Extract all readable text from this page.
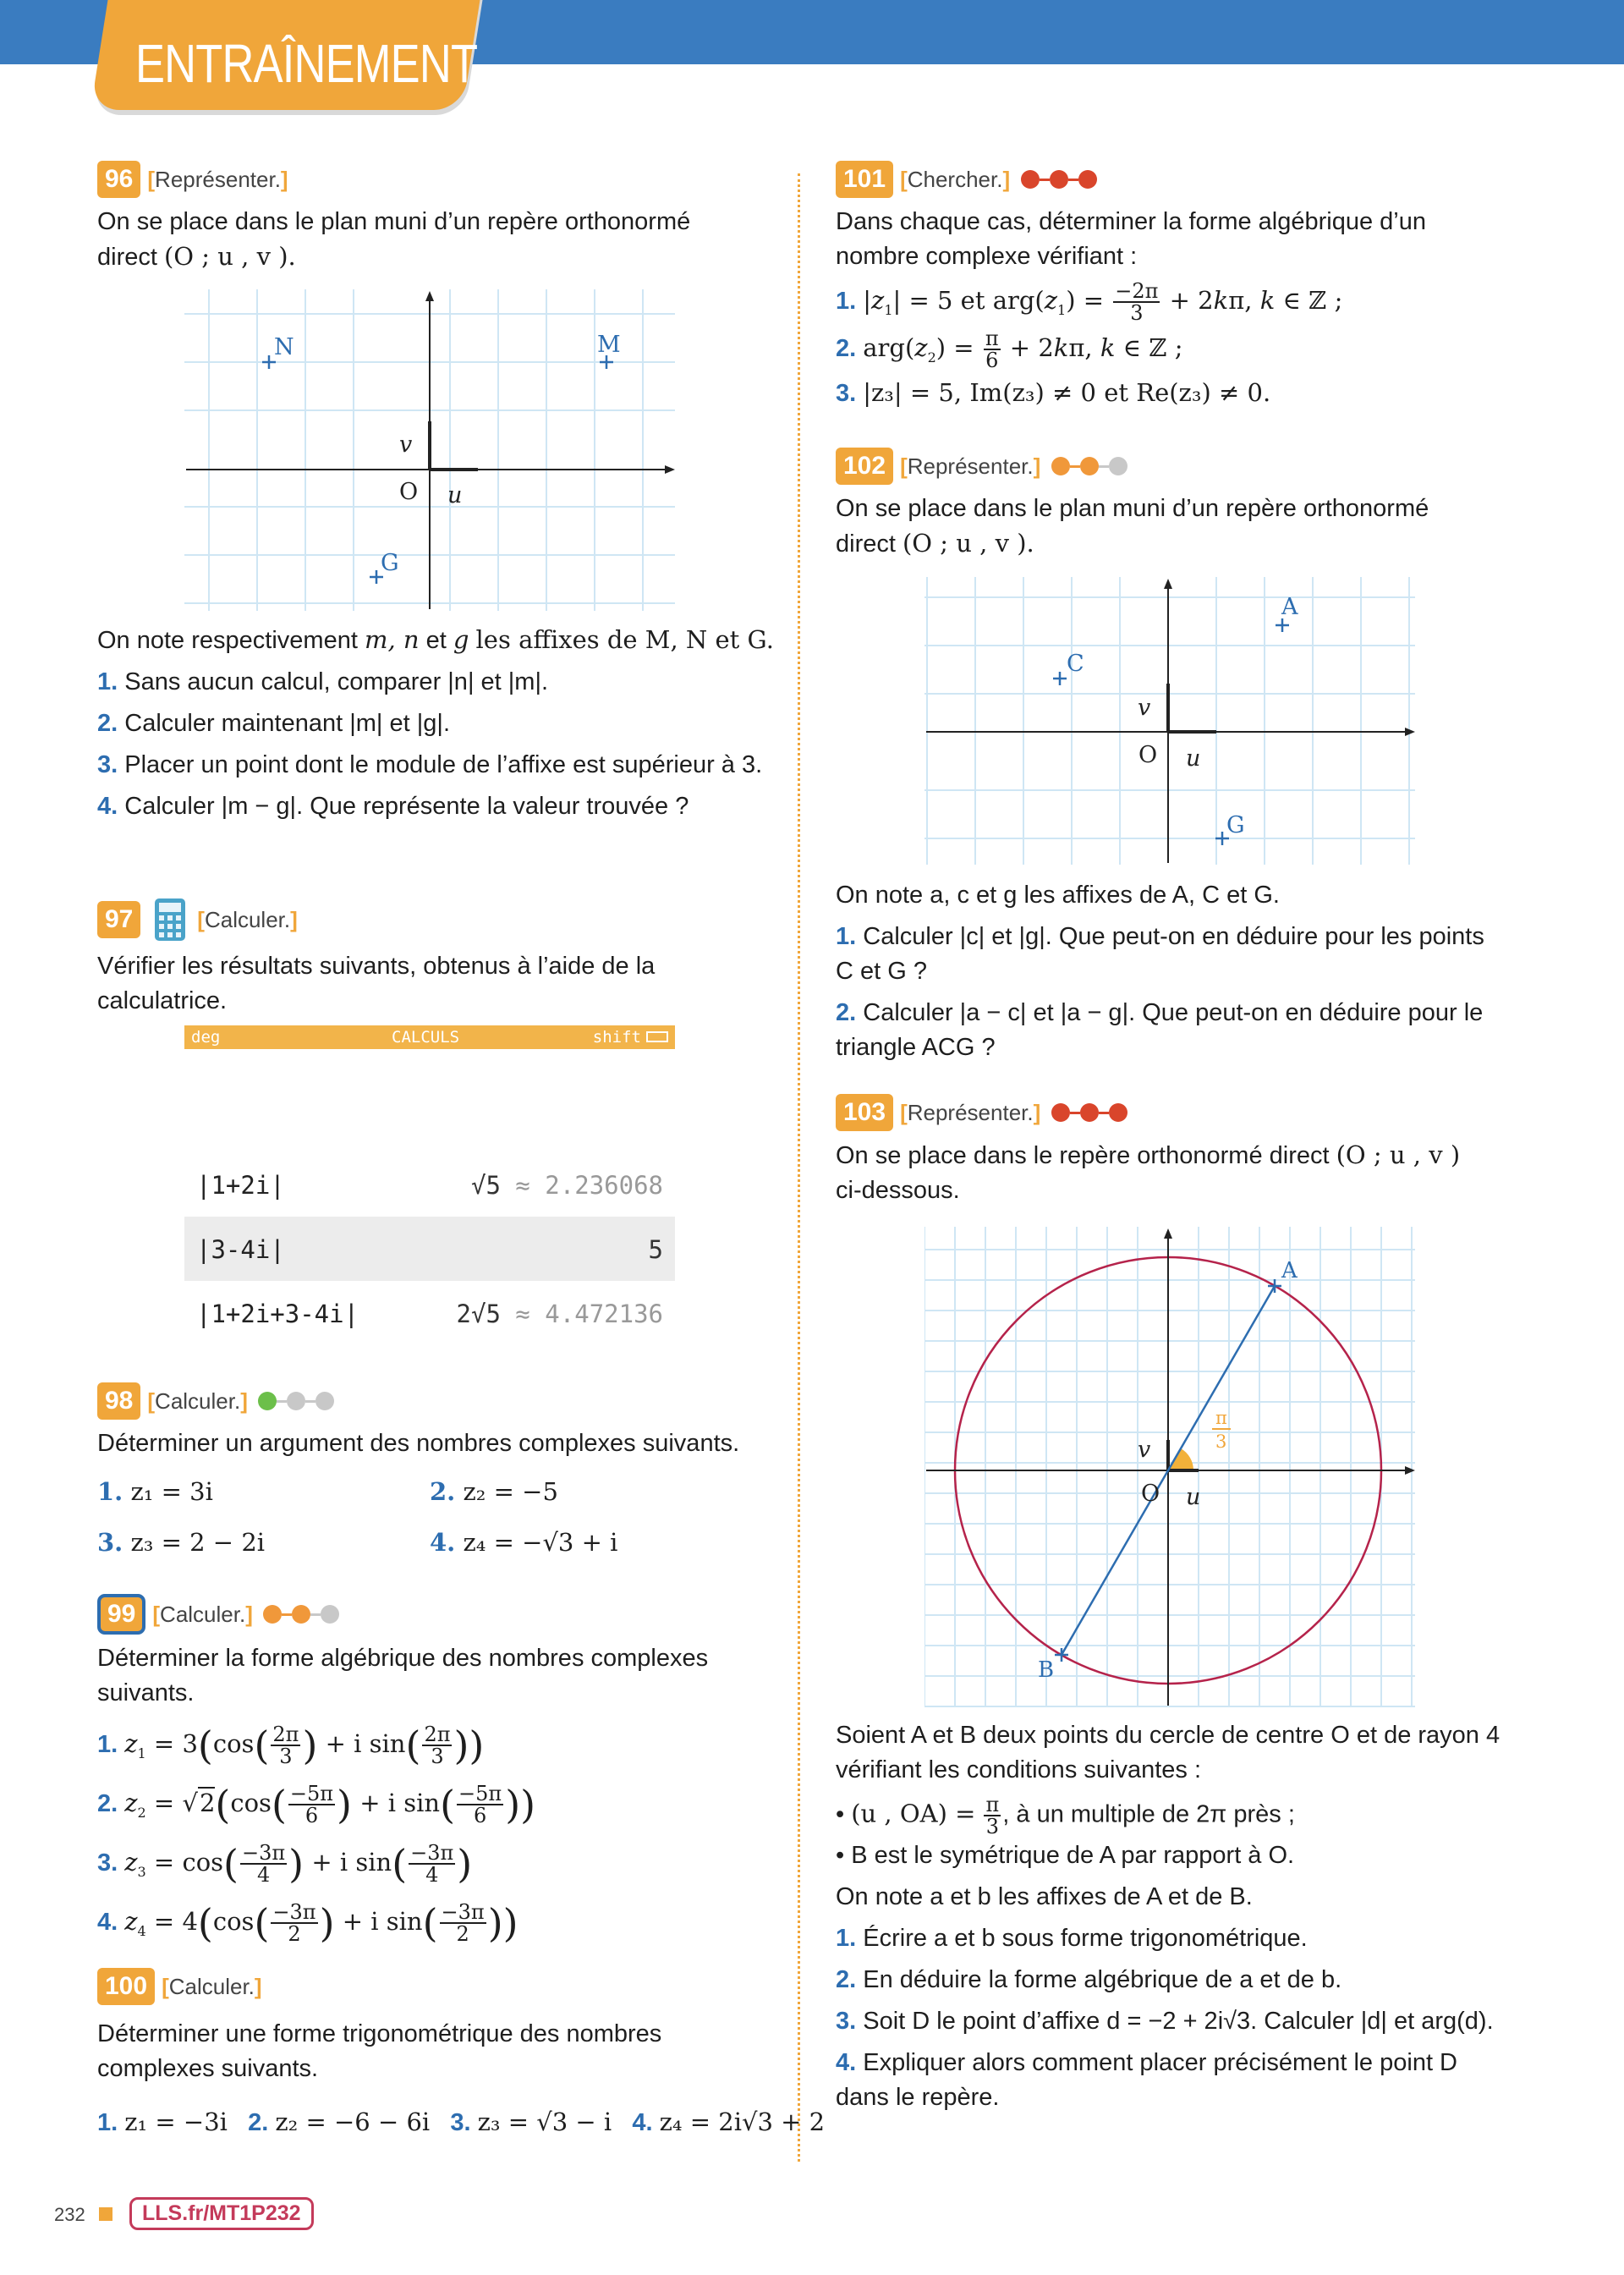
ENTRAÎNEMENT
96 [ Représenter. ]
On se place dans le plan muni d’un repère orthonormé
direct (O ; u , v ).
N	M
G
O u
v
On note respectivement m, n et g les affixes de M, N et G.
1. Sans aucun calcul, comparer |n| et |m|.
2. Calculer maintenant |m| et |g|.
3. Placer un point dont le module de l’affixe est supérieur à 3.
4. Calculer |m − g|. Que représente la valeur trouvée ?
97	[ Calculer. ]
Vérifier les résultats suivants, obtenus à l’aide de la calculatrice.
deg	CALCULS	shift
|1+2i|	√5 ≈ 2.236068
|3-4i|	5
|1+2i+3-4i|	2√5 ≈ 4.472136
98 [ Calculer. ]
Déterminer un argument des nombres complexes suivants.
1. z₁ = 3i	2. z₂ = −5
3. z₃ = 2 − 2i	4. z₄ = −√3 + i
99 [ Calculer. ]
Déterminer la forme algébrique des nombres complexes suivants.
1. $z_1 = 3(\cos( \frac{2\pi}{3}$ ) + i $\sin( \frac{2\pi}{3}$ ))
2. $z_2 = √2(\cos( \frac{-5\pi}{6}$ ) + i $\sin( \frac{-5\pi}{6}$ ))
3. $z_3 = \cos( \frac{-3\pi}{4}$ ) + i $\sin( \frac{-3\pi}{4}$ )
4. $z_4 = 4(\cos( \frac{-3\pi}{2}$ ) + i $\sin( \frac{-3\pi}{2}$ ))
100 [ Calculer. ]
Déterminer une forme trigonométrique des nombres complexes suivants.
1. z₁ = −3i 2. z₂ = −6 − 6i 3. z₃ = √3 − i 4. z₄ = 2i√3 + 2
101 [ Chercher. ]
Dans chaque cas, déterminer la forme algébrique d’un nombre complexe vérifiant :
1. $|z_1| = 5$ et $arg(z_1) = \frac{-2\pi}{3} + 2k\pi$, k ∈ ℤ ;
2. $arg(z_2) = \frac{\pi}{6} + 2k\pi$, k ∈ ℤ ;
3. |z₃| = 5, Im(z₃) ≠ 0 et Re(z₃) ≠ 0.
102 [ Représenter. ]
On se place dans le plan muni d’un repère orthonormé
direct (O ; u , v ).
A
C
G
O u
v
On note a, c et g les affixes de A, C et G.
1. Calculer |c| et |g|. Que peut-on en déduire pour les points C et G ?
2. Calculer |a − c| et |a − g|. Que peut-on en déduire pour le triangle ACG ?
103 [ Représenter. ]
On se place dans le repère orthonormé direct (O ; u , v )
ci-dessous.
A
B
O u
v
π
3
Soient A et B deux points du cercle de centre O et de rayon 4 vérifiant les conditions suivantes :
• (u , $OA) = \frac{\pi}{3}$ , à un multiple de 2π près ;
• B est le symétrique de A par rapport à O.
On note a et b les affixes de A et de B.
1. Écrire a et b sous forme trigonométrique.
2. En déduire la forme algébrique de a et de b.
3. Soit D le point d’affixe d = −2 + 2i√3. Calculer |d| et arg(d).
4. Expliquer alors comment placer précisément le point D dans le repère.
232	LLS.fr/MT1P232
